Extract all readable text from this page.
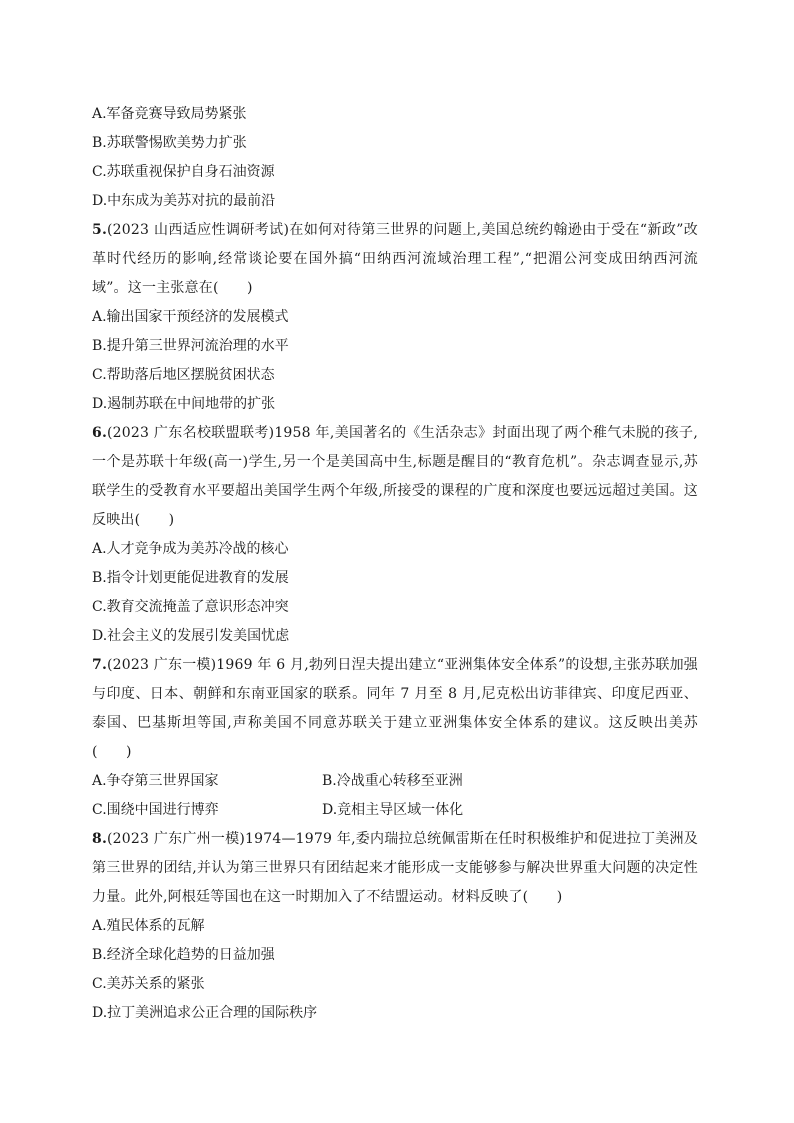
A.军备竞赛导致局势紧张
B.苏联警惕欧美势力扩张
C.苏联重视保护自身石油资源
D.中东成为美苏对抗的最前沿
5.(2023 山西适应性调研考试)在如何对待第三世界的问题上,美国总统约翰逊由于受在“新政”改革时代经历的影响,经常谈论要在国外搞“田纳西河流域治理工程”,“把湄公河变成田纳西河流域”。这一主张意在(　　)
A.输出国家干预经济的发展模式
B.提升第三世界河流治理的水平
C.帮助落后地区摆脱贫困状态
D.遏制苏联在中间地带的扩张
6.(2023 广东名校联盟联考)1958 年,美国著名的《生活杂志》封面出现了两个稚气未脱的孩子,一个是苏联十年级(高一)学生,另一个是美国高中生,标题是醒目的“教育危机”。杂志调查显示,苏联学生的受教育水平要超出美国学生两个年级,所接受的课程的广度和深度也要远远超过美国。这反映出(　　)
A.人才竞争成为美苏冷战的核心
B.指令计划更能促进教育的发展
C.教育交流掩盖了意识形态冲突
D.社会主义的发展引发美国忧虑
7.(2023 广东一模)1969 年 6 月,勃列日涅夫提出建立“亚洲集体安全体系”的设想,主张苏联加强与印度、日本、朝鲜和东南亚国家的联系。同年 7 月至 8 月,尼克松出访菲律宾、印度尼西亚、泰国、巴基斯坦等国,声称美国不同意苏联关于建立亚洲集体安全体系的建议。这反映出美苏(　　)
A.争夺第三世界国家	B.冷战重心转移至亚洲
C.围绕中国进行博弈	D.竞相主导区域一体化
8.(2023 广东广州一模)1974—1979 年,委内瑞拉总统佩雷斯在任时积极维护和促进拉丁美洲及第三世界的团结,并认为第三世界只有团结起来才能形成一支能够参与解决世界重大问题的决定性力量。此外,阿根廷等国也在这一时期加入了不结盟运动。材料反映了(　　)
A.殖民体系的瓦解
B.经济全球化趋势的日益加强
C.美苏关系的紧张
D.拉丁美洲追求公正合理的国际秩序
